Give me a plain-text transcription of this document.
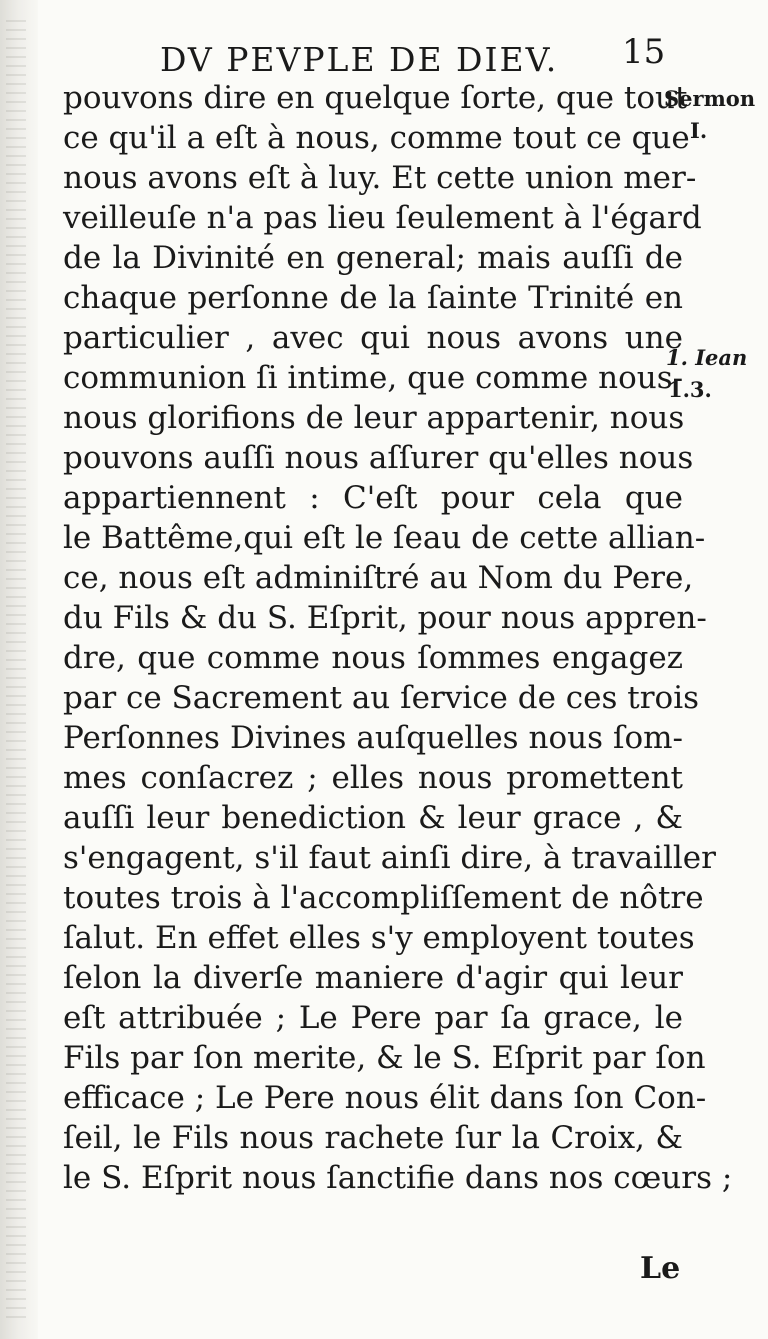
DV PEVPLE DE DIEV. 15
Sermon
I.
1. Iean
1.3.
pouvons dire en quelque ſorte, que tout
ce qu'il a eſt à nous, comme tout ce que
nous avons eſt à luy. Et cette union mer-
veilleuſe n'a pas lieu ſeulement à l'égard
de la Divinité en general; mais auſſi de
chaque perſonne de la ſainte Trinité en
particulier , avec qui nous avons une
communion ſi intime, que comme nous-
nous glorifions de leur appartenir, nous
pouvons auſſi nous aſſurer qu'elles nous
appartiennent : C'eſt pour cela que
le Battême,qui eſt le ſeau de cette allian-
ce, nous eſt adminiſtré au Nom du Pere,
du Fils & du S. Eſprit, pour nous appren-
dre, que comme nous ſommes engagez
par ce Sacrement au ſervice de ces trois
Perſonnes Divines auſquelles nous ſom-
mes conſacrez ; elles nous promettent
auſſi leur benediction & leur grace , &
s'engagent, s'il faut ainſi dire, à travailler
toutes trois à l'accompliſſement de nôtre
ſalut. En effet elles s'y employent toutes
ſelon la diverſe maniere d'agir qui leur
eſt attribuée ; Le Pere par ſa grace, le
Fils par ſon merite, & le S. Eſprit par ſon
efficace ; Le Pere nous élit dans ſon Con-
ſeil, le Fils nous rachete ſur la Croix, &
le S. Eſprit nous ſanctifie dans nos cœurs ;
Le
